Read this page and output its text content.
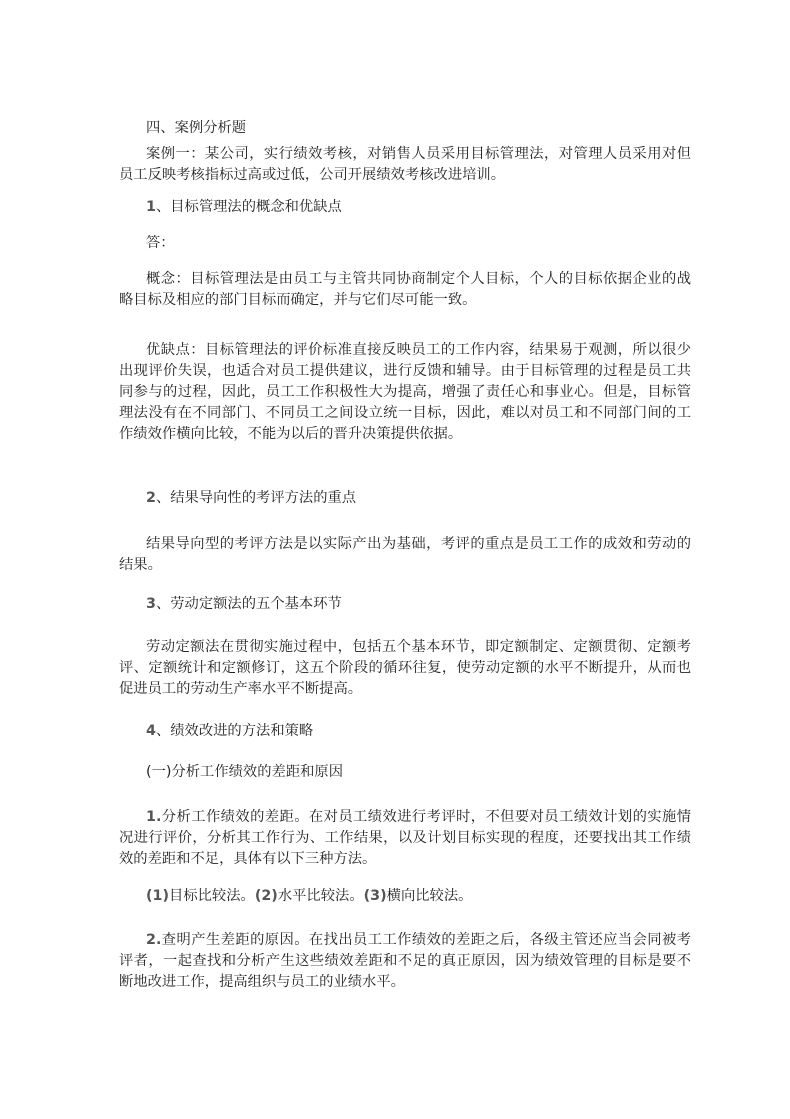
四、案例分析题
案例一：某公司，实行绩效考核，对销售人员采用目标管理法，对管理人员采用对但
员工反映考核指标过高或过低，公司开展绩效考核改进培训。
1、目标管理法的概念和优缺点
答：
概念：目标管理法是由员工与主管共同协商制定个人目标，个人的目标依据企业的战
略目标及相应的部门目标而确定，并与它们尽可能一致。
优缺点：目标管理法的评价标准直接反映员工的工作内容，结果易于观测，所以很少
出现评价失误，也适合对员工提供建议，进行反馈和辅导。由于目标管理的过程是员工共
同参与的过程，因此，员工工作积极性大为提高，增强了责任心和事业心。但是，目标管
理法没有在不同部门、不同员工之间设立统一目标，因此，难以对员工和不同部门间的工
作绩效作横向比较，不能为以后的晋升决策提供依据。
2、结果导向性的考评方法的重点
结果导向型的考评方法是以实际产出为基础，考评的重点是员工工作的成效和劳动的
结果。
3、劳动定额法的五个基本环节
劳动定额法在贯彻实施过程中，包括五个基本环节，即定额制定、定额贯彻、定额考
评、定额统计和定额修订，这五个阶段的循环往复，使劳动定额的水平不断提升，从而也
促进员工的劳动生产率水平不断提高。
4、绩效改进的方法和策略
(一)分析工作绩效的差距和原因
1.分析工作绩效的差距。在对员工绩效进行考评时，不但要对员工绩效计划的实施情
况进行评价，分析其工作行为、工作结果，以及计划目标实现的程度，还要找出其工作绩
效的差距和不足，具体有以下三种方法。
(1)目标比较法。(2)水平比较法。(3)横向比较法。
2.查明产生差距的原因。在找出员工工作绩效的差距之后，各级主管还应当会同被考
评者，一起查找和分析产生这些绩效差距和不足的真正原因，因为绩效管理的目标是要不
断地改进工作，提高组织与员工的业绩水平。
